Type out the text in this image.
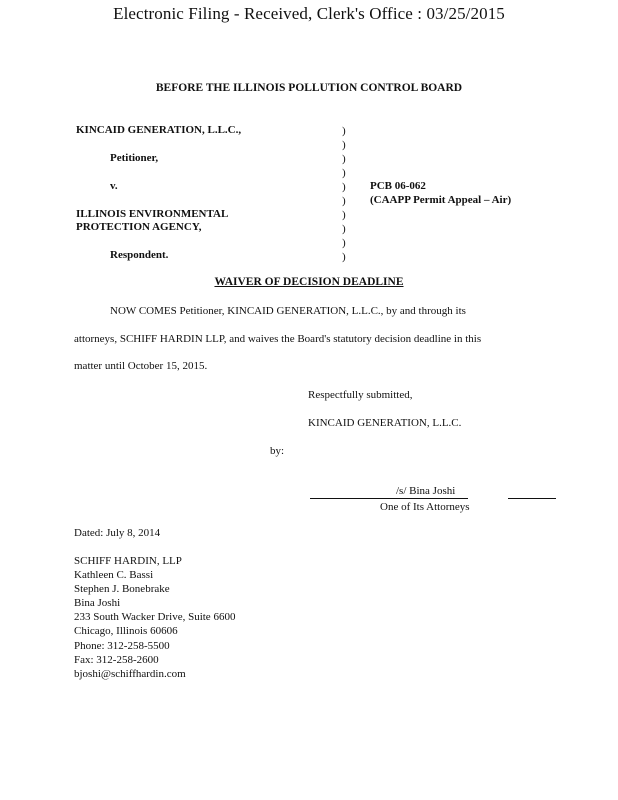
Electronic Filing - Received, Clerk's Office : 03/25/2015
BEFORE THE ILLINOIS POLLUTION CONTROL BOARD
KINCAID GENERATION, L.L.C.,
Petitioner,
v.
ILLINOIS ENVIRONMENTAL
PROTECTION AGENCY,
Respondent.
)
)
)
)
)
)
)
)
)
)
PCB 06-062
(CAAPP Permit Appeal – Air)
WAIVER OF DECISION DEADLINE
NOW COMES Petitioner, KINCAID GENERATION, L.L.C., by and through its
attorneys, SCHIFF HARDIN LLP, and waives the Board's statutory decision deadline in this
matter until October 15, 2015.
Respectfully submitted,
KINCAID GENERATION, L.L.C.
by:
/s/ Bina Joshi
One of Its Attorneys
Dated: July 8, 2014
SCHIFF HARDIN, LLP
Kathleen C. Bassi
Stephen J. Bonebrake
Bina Joshi
233 South Wacker Drive, Suite 6600
Chicago, Illinois 60606
Phone: 312-258-5500
Fax: 312-258-2600
bjoshi@schiffhardin.com
